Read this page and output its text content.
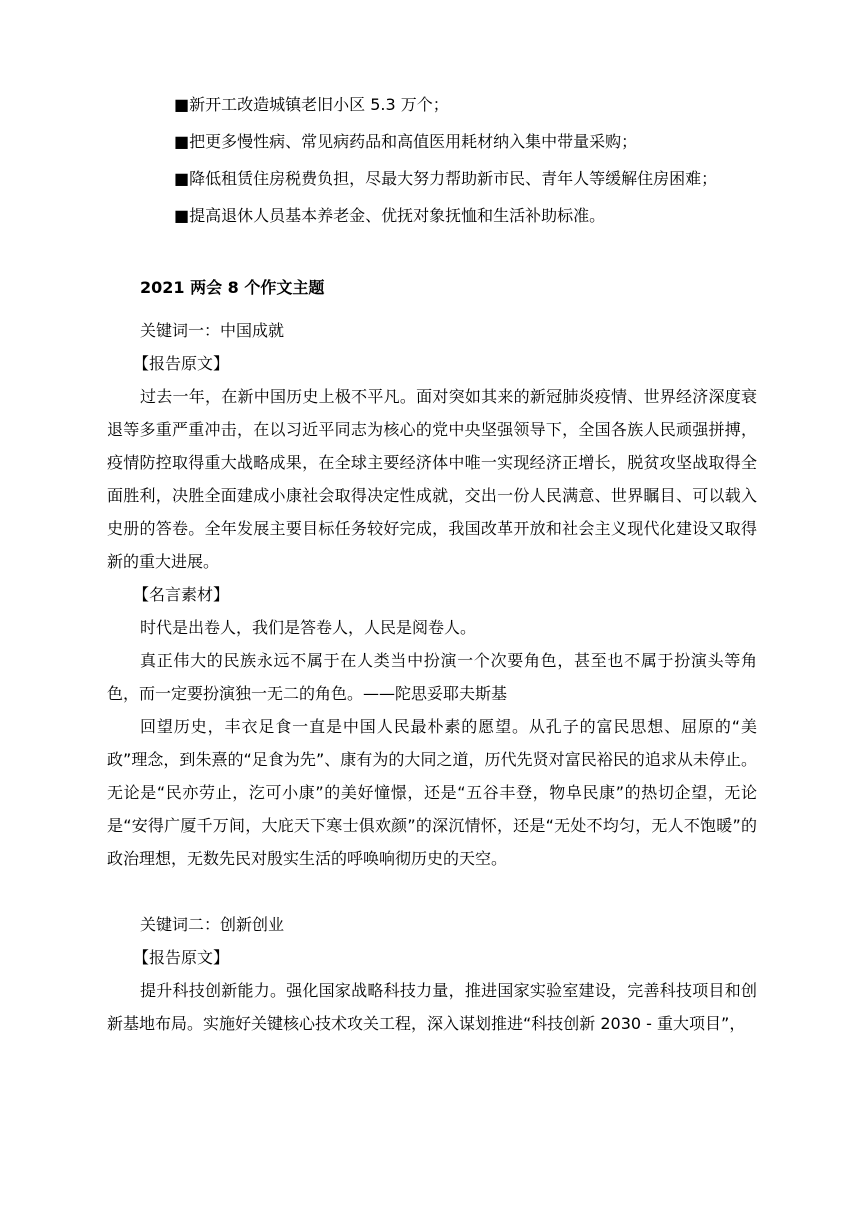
■新开工改造城镇老旧小区 5.3 万个；
■把更多慢性病、常见病药品和高值医用耗材纳入集中带量采购；
■降低租赁住房税费负担，尽最大努力帮助新市民、青年人等缓解住房困难；
■提高退休人员基本养老金、优抚对象抚恤和生活补助标准。
2021 两会 8 个作文主题
关键词一：中国成就
【报告原文】

过去一年，在新中国历史上极不平凡。面对突如其来的新冠肺炎疫情、世界经济深度衰退等多重严重冲击，在以习近平同志为核心的党中央坚强领导下，全国各族人民顽强拼搏，疫情防控取得重大战略成果，在全球主要经济体中唯一实现经济正增长，脱贫攻坚战取得全面胜利，决胜全面建成小康社会取得决定性成就，交出一份人民满意、世界瞩目、可以载入史册的答卷。全年发展主要目标任务较好完成，我国改革开放和社会主义现代化建设又取得新的重大进展。

【名言素材】

时代是出卷人，我们是答卷人，人民是阅卷人。

真正伟大的民族永远不属于在人类当中扮演一个次要角色，甚至也不属于扮演头等角色，而一定要扮演独一无二的角色。——陀思妥耶夫斯基

回望历史，丰衣足食一直是中国人民最朴素的愿望。从孔子的富民思想、屈原的“美政”理念，到朱熹的“足食为先”、康有为的大同之道，历代先贤对富民裕民的追求从未停止。无论是“民亦劳止，汔可小康”的美好憧憬，还是“五谷丰登，物阜民康”的热切企望，无论是“安得广厦千万间，大庇天下寒士俱欢颜”的深沉情怀，还是“无处不均匀，无人不饱暖”的政治理想，无数先民对殷实生活的呼唤响彻历史的天空。

关键词二：创新创业
【报告原文】

提升科技创新能力。强化国家战略科技力量，推进国家实验室建设，完善科技项目和创新基地布局。实施好关键核心技术攻关工程，深入谋划推进“科技创新 2030 - 重大项目”，
